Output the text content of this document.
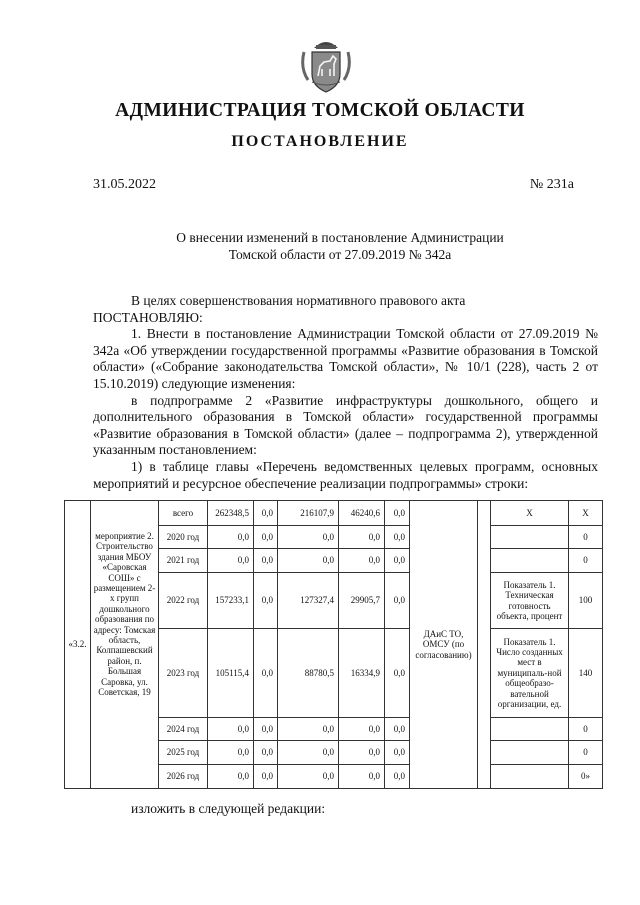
АДМИНИСТРАЦИЯ ТОМСКОЙ ОБЛАСТИ
ПОСТАНОВЛЕНИЕ
31.05.2022	№ 231а
О внесении изменений в постановление Администрации
Томской области от 27.09.2019 № 342а

В целях совершенствования нормативного правового акта

ПОСТАНОВЛЯЮ:

1. Внести в постановление Администрации Томской области от 27.09.2019 № 342а «Об утверждении государственной программы «Развитие образования в Томской области» («Собрание законодательства Томской области», № 10/1 (228), часть 2 от 15.10.2019) следующие изменения:

в подпрограмме 2 «Развитие инфраструктуры дошкольного, общего и дополнительного образования в Томской области» государственной программы «Развитие образования в Томской области» (далее – подпрограмма 2), утвержденной указанным постановлением:

1) в таблице главы «Перечень ведомственных целевых программ, основных мероприятий и ресурсное обеспечение реализации подпрограммы» строки:

«3.2.	мероприятие 2. Строительство здания МБОУ «Саровская СОШ» с размещением 2-х групп дошкольного образования по адресу: Томская область, Колпашевский район, п. Большая Саровка, ул. Советская, 19	всего	262348,5	0,0	216107,9	46240,6	0,0	ДАиС ТО, ОМСУ (по согласованию)		Х	Х
		2020 год	0,0	0,0	0,0	0,0	0,0				0
		2021 год	0,0	0,0	0,0	0,0	0,0				0
		2022 год	157233,1	0,0	127327,4	29905,7	0,0			Показатель 1. Техническая готовность объекта, процент	100
		2023 год	105115,4	0,0	88780,5	16334,9	0,0			Показатель 1. Число созданных мест в муниципаль-ной общеобразо-вательной организации, ед.	140
		2024 год	0,0	0,0	0,0	0,0	0,0				0
		2025 год	0,0	0,0	0,0	0,0	0,0				0
		2026 год	0,0	0,0	0,0	0,0	0,0				0»
изложить в следующей редакции:
